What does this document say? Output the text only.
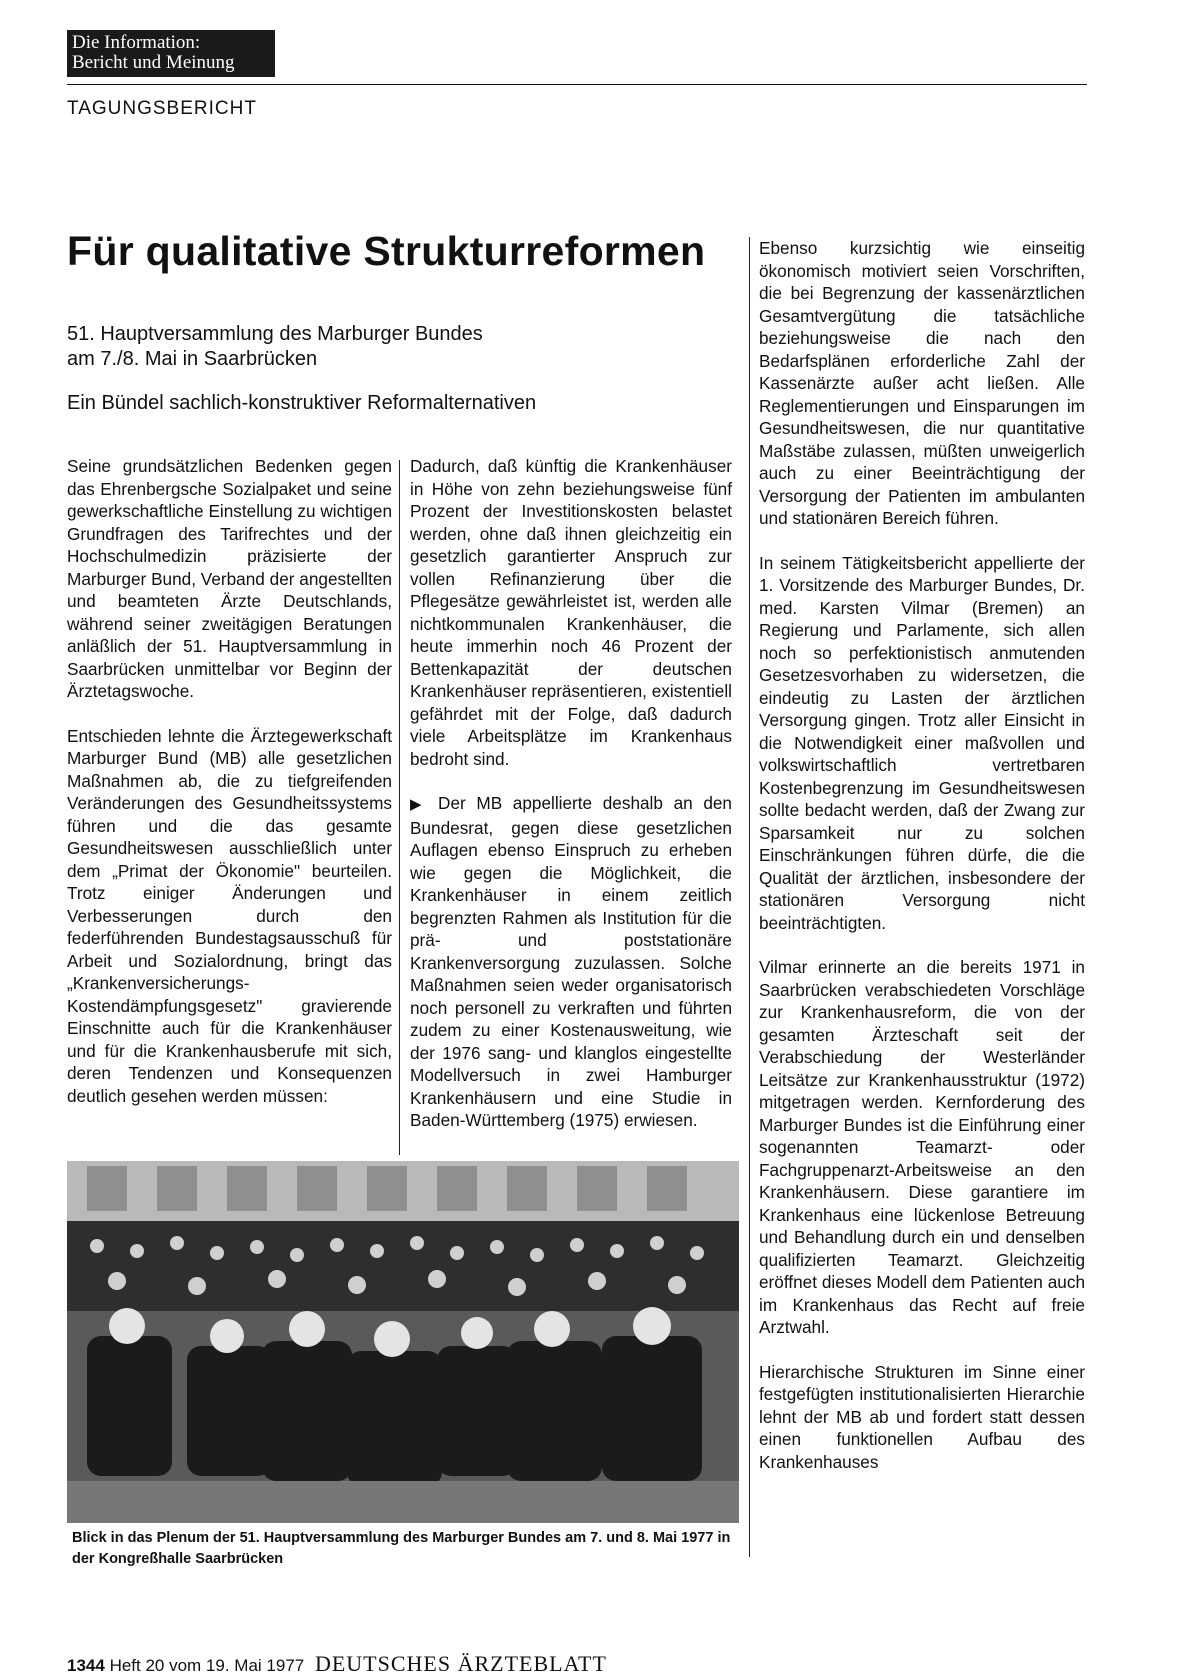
Die Information:
Bericht und Meinung
TAGUNGSBERICHT
Für qualitative Strukturreformen
51. Hauptversammlung des Marburger Bundes
am 7./8. Mai in Saarbrücken
Ein Bündel sachlich-konstruktiver Reformalternativen

Seine grundsätzlichen Bedenken gegen das Ehrenbergsche Sozialpaket und seine gewerkschaftliche Einstellung zu wichtigen Grundfragen des Tarifrechtes und der Hochschulmedizin präzisierte der Marburger Bund, Verband der angestellten und beamteten Ärzte Deutschlands, während seiner zweitägigen Beratungen anläßlich der 51. Hauptversammlung in Saarbrücken unmittelbar vor Beginn der Ärztetagswoche.

Entschieden lehnte die Ärztegewerkschaft Marburger Bund (MB) alle gesetzlichen Maßnahmen ab, die zu tiefgreifenden Veränderungen des Gesundheitssystems führen und die das gesamte Gesundheitswesen ausschließlich unter dem „Primat der Ökonomie" beurteilen. Trotz einiger Änderungen und Verbesserungen durch den federführenden Bundestagsausschuß für Arbeit und Sozialordnung, bringt das „Krankenversicherungs-Kostendämpfungsgesetz" gravierende Einschnitte auch für die Krankenhäuser und für die Krankenhausberufe mit sich, deren Tendenzen und Konsequenzen deutlich gesehen werden müssen:

Dadurch, daß künftig die Krankenhäuser in Höhe von zehn beziehungsweise fünf Prozent der Investitionskosten belastet werden, ohne daß ihnen gleichzeitig ein gesetzlich garantierter Anspruch zur vollen Refinanzierung über die Pflegesätze gewährleistet ist, werden alle nichtkommunalen Krankenhäuser, die heute immerhin noch 46 Prozent der Bettenkapazität der deutschen Krankenhäuser repräsentieren, existentiell gefährdet mit der Folge, daß dadurch viele Arbeitsplätze im Krankenhaus bedroht sind.

▶ Der MB appellierte deshalb an den Bundesrat, gegen diese gesetzlichen Auflagen ebenso Einspruch zu erheben wie gegen die Möglichkeit, die Krankenhäuser in einem zeitlich begrenzten Rahmen als Institution für die prä- und poststationäre Krankenversorgung zuzulassen. Solche Maßnahmen seien weder organisatorisch noch personell zu verkraften und führten zudem zu einer Kostenausweitung, wie der 1976 sang- und klanglos eingestellte Modellversuch in zwei Hamburger Krankenhäusern und eine Studie in Baden-Württemberg (1975) erwiesen.

Ebenso kurzsichtig wie einseitig ökonomisch motiviert seien Vorschriften, die bei Begrenzung der kassenärztlichen Gesamtvergütung die tatsächliche beziehungsweise die nach den Bedarfsplänen erforderliche Zahl der Kassenärzte außer acht ließen. Alle Reglementierungen und Einsparungen im Gesundheitswesen, die nur quantitative Maßstäbe zulassen, müßten unweigerlich auch zu einer Beeinträchtigung der Versorgung der Patienten im ambulanten und stationären Bereich führen.

In seinem Tätigkeitsbericht appellierte der 1. Vorsitzende des Marburger Bundes, Dr. med. Karsten Vilmar (Bremen) an Regierung und Parlamente, sich allen noch so perfektionistisch anmutenden Gesetzesvorhaben zu widersetzen, die eindeutig zu Lasten der ärztlichen Versorgung gingen. Trotz aller Einsicht in die Notwendigkeit einer maßvollen und volkswirtschaftlich vertretbaren Kostenbegrenzung im Gesundheitswesen sollte bedacht werden, daß der Zwang zur Sparsamkeit nur zu solchen Einschränkungen führen dürfe, die die Qualität der ärztlichen, insbesondere der stationären Versorgung nicht beeinträchtigten.

Vilmar erinnerte an die bereits 1971 in Saarbrücken verabschiedeten Vorschläge zur Krankenhausreform, die von der gesamten Ärzteschaft seit der Verabschiedung der Westerländer Leitsätze zur Krankenhausstruktur (1972) mitgetragen werden. Kernforderung des Marburger Bundes ist die Einführung einer sogenannten Teamarzt- oder Fachgruppenarzt-Arbeitsweise an den Krankenhäusern. Diese garantiere im Krankenhaus eine lückenlose Betreuung und Behandlung durch ein und denselben qualifizierten Teamarzt. Gleichzeitig eröffnet dieses Modell dem Patienten auch im Krankenhaus das Recht auf freie Arztwahl.

Hierarchische Strukturen im Sinne einer festgefügten institutionalisierten Hierarchie lehnt der MB ab und fordert statt dessen einen funktionellen Aufbau des Krankenhauses

Blick in das Plenum der 51. Hauptversammlung des Marburger Bundes am 7. und 8. Mai 1977 in der Kongreßhalle Saarbrücken
1344 Heft 20 vom 19. Mai 1977 DEUTSCHES ÄRZTEBLATT
